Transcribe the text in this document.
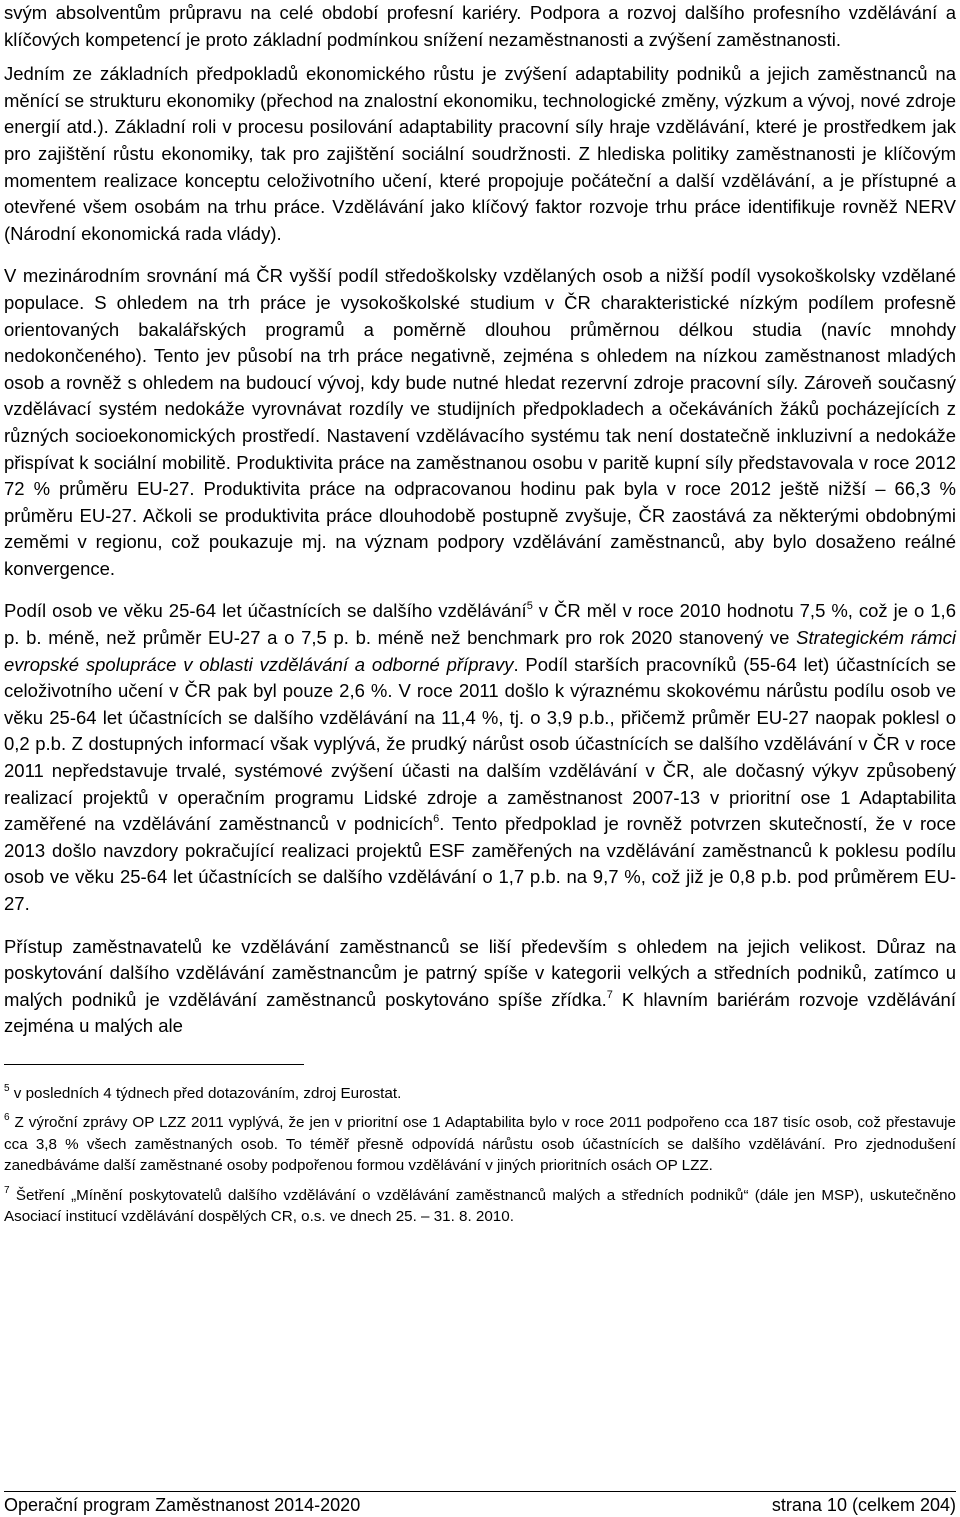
svým absolventům průpravu na celé období profesní kariéry. Podpora a rozvoj dalšího profesního vzdělávání a klíčových kompetencí je proto základní podmínkou snížení nezaměstnanosti a zvýšení zaměstnanosti.

Jedním ze základních předpokladů ekonomického růstu je zvýšení adaptability podniků a jejich zaměstnanců na měnící se strukturu ekonomiky (přechod na znalostní ekonomiku, technologické změny, výzkum a vývoj, nové zdroje energií atd.). Základní roli v procesu posilování adaptability pracovní síly hraje vzdělávání, které je prostředkem jak pro zajištění růstu ekonomiky, tak pro zajištění sociální soudržnosti. Z hlediska politiky zaměstnanosti je klíčovým momentem realizace konceptu celoživotního učení, které propojuje počáteční a další vzdělávání, a je přístupné a otevřené všem osobám na trhu práce. Vzdělávání jako klíčový faktor rozvoje trhu práce identifikuje rovněž NERV (Národní ekonomická rada vlády).

V mezinárodním srovnání má ČR vyšší podíl středoškolsky vzdělaných osob a nižší podíl vysokoškolsky vzdělané populace. S ohledem na trh práce je vysokoškolské studium v ČR charakteristické nízkým podílem profesně orientovaných bakalářských programů a poměrně dlouhou průměrnou délkou studia (navíc mnohdy nedokončeného). Tento jev působí na trh práce negativně, zejména s ohledem na nízkou zaměstnanost mladých osob a rovněž s ohledem na budoucí vývoj, kdy bude nutné hledat rezervní zdroje pracovní síly. Zároveň současný vzdělávací systém nedokáže vyrovnávat rozdíly ve studijních předpokladech a očekáváních žáků pocházejících z různých socioekonomických prostředí. Nastavení vzdělávacího systému tak není dostatečně inkluzivní a nedokáže přispívat k sociální mobilitě. Produktivita práce na zaměstnanou osobu v paritě kupní síly představovala v roce 2012 72 % průměru EU-27. Produktivita práce na odpracovanou hodinu pak byla v roce 2012 ještě nižší – 66,3 % průměru EU-27. Ačkoli se produktivita práce dlouhodobě postupně zvyšuje, ČR zaostává za některými obdobnými zeměmi v regionu, což poukazuje mj. na význam podpory vzdělávání zaměstnanců, aby bylo dosaženo reálné konvergence.

Podíl osob ve věku 25-64 let účastnících se dalšího vzdělávání$^5$ v ČR měl v roce 2010 hodnotu 7,5 %, což je o 1,6 p. b. méně, než průměr EU-27 a o 7,5 p. b. méně než benchmark pro rok 2020 stanovený ve Strategickém rámci evropské spolupráce v oblasti vzdělávání a odborné přípravy. Podíl starších pracovníků (55-64 let) účastnících se celoživotního učení v ČR pak byl pouze 2,6 %. V roce 2011 došlo k výraznému skokovému nárůstu podílu osob ve věku 25-64 let účastnících se dalšího vzdělávání na 11,4 %, tj. o 3,9 p.b., přičemž průměr EU-27 naopak poklesl o 0,2 p.b. Z dostupných informací však vyplývá, že prudký nárůst osob účastnících se dalšího vzdělávání v ČR v roce 2011 nepředstavuje trvalé, systémové zvýšení účasti na dalším vzdělávání v ČR, ale dočasný výkyv způsobený realizací projektů v operačním programu Lidské zdroje a zaměstnanost 2007-13 v prioritní ose 1 Adaptabilita zaměřené na vzdělávání zaměstnanců v podnicích$^6$. Tento předpoklad je rovněž potvrzen skutečností, že v roce 2013 došlo navzdory pokračující realizaci projektů ESF zaměřených na vzdělávání zaměstnanců k poklesu podílu osob ve věku 25-64 let účastnících se dalšího vzdělávání o 1,7 p.b. na 9,7 %, což již je 0,8 p.b. pod průměrem EU-27.

Přístup zaměstnavatelů ke vzdělávání zaměstnanců se liší především s ohledem na jejich velikost. Důraz na poskytování dalšího vzdělávání zaměstnancům je patrný spíše v kategorii velkých a středních podniků, zatímco u malých podniků je vzdělávání zaměstnanců poskytováno spíše zřídka.$^7$ K hlavním bariérám rozvoje vzdělávání zejména u malých ale

$^5$ v posledních 4 týdnech před dotazováním, zdroj Eurostat.

$^6$ Z výroční zprávy OP LZZ 2011 vyplývá, že jen v prioritní ose 1 Adaptabilita bylo v roce 2011 podpořeno cca 187 tisíc osob, což přestavuje cca 3,8 % všech zaměstnaných osob. To téměř přesně odpovídá nárůstu osob účastnících se dalšího vzdělávání. Pro zjednodušení zanedbáváme další zaměstnané osoby podpořenou formou vzdělávání v jiných prioritních osách OP LZZ.

$^7$ Šetření „Mínění poskytovatelů dalšího vzdělávání o vzdělávání zaměstnanců malých a středních podniků“ (dále jen MSP), uskutečněno Asociací institucí vzdělávání dospělých CR, o.s. ve dnech 25. – 31. 8. 2010.

Operační program Zaměstnanost 2014-2020	strana 10 (celkem 204)
